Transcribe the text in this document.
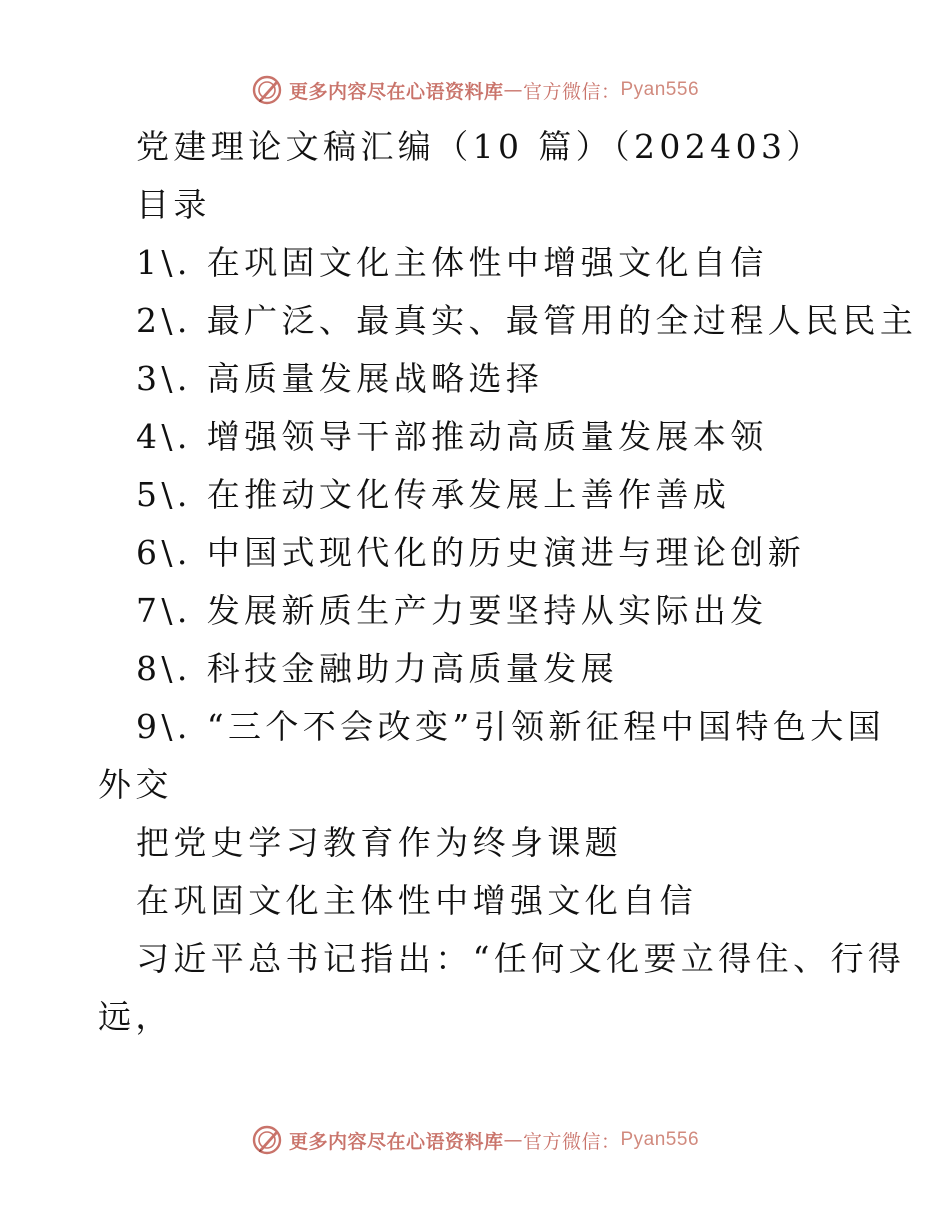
更多内容尽在心语资料库 — 官方微信： Pyan556
党建理论文稿汇编（10 篇）（202403）
目录
1\. 在巩固文化主体性中增强文化自信
2\. 最广泛、最真实、最管用的全过程人民民主
3\. 高质量发展战略选择
4\. 增强领导干部推动高质量发展本领
5\. 在推动文化传承发展上善作善成
6\. 中国式现代化的历史演进与理论创新
7\. 发展新质生产力要坚持从实际出发
8\. 科技金融助力高质量发展
9\. “三个不会改变”引领新征程中国特色大国
外交
把党史学习教育作为终身课题
在巩固文化主体性中增强文化自信
习近平总书记指出：“任何文化要立得住、行得
远，
更多内容尽在心语资料库 — 官方微信： Pyan556
